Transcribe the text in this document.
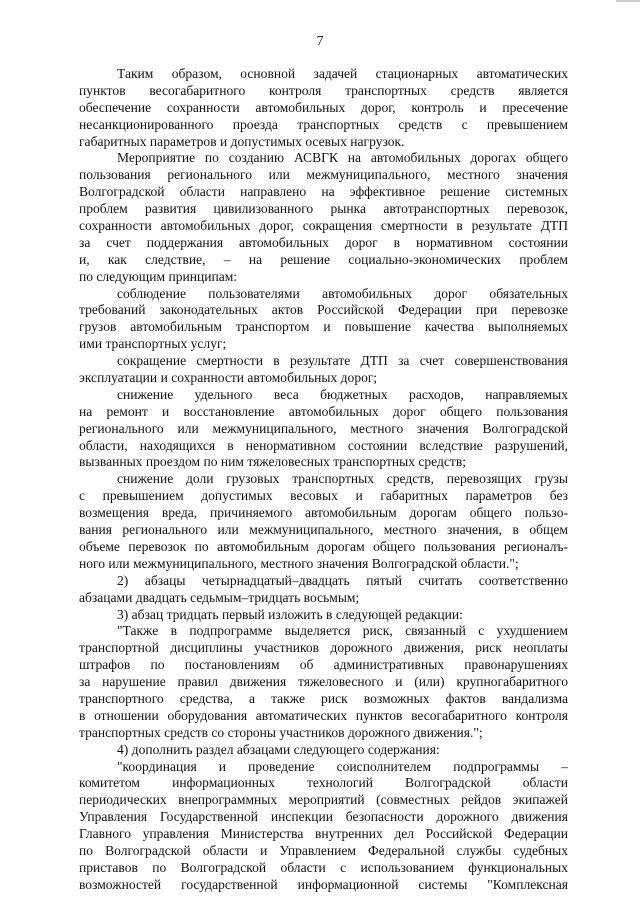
7
Таким образом, основной задачей стационарных автоматических
пунктов весогабаритного контроля транспортных средств является
обеспечение сохранности автомобильных дорог, контроль и пресечение
несанкционированного проезда транспортных средств с превышением
габаритных параметров и допустимых осевых нагрузок.
Мероприятие по созданию АСВГК на автомобильных дорогах общего
пользования регионального или межмуниципального, местного значения
Волгоградской области направлено на эффективное решение системных
проблем развития цивилизованного рынка автотранспортных перевозок,
сохранности автомобильных дорог, сокращения смертности в результате ДТП
за счет поддержания автомобильных дорог в нормативном состоянии
и, как следствие, – на решение социально-экономических проблем
по следующим принципам:
соблюдение пользователями автомобильных дорог обязательных
требований законодательных актов Российской Федерации при перевозке
грузов автомобильным транспортом и повышение качества выполняемых
ими транспортных услуг;
сокращение смертности в результате ДТП за счет совершенствования
эксплуатации и сохранности автомобильных дорог;
снижение удельного веса бюджетных расходов, направляемых
на ремонт и восстановление автомобильных дорог общего пользования
регионального или межмуниципального, местного значения Волгоградской
области, находящихся в ненормативном состоянии вследствие разрушений,
вызванных проездом по ним тяжеловесных транспортных средств;
снижение доли грузовых транспортных средств, перевозящих грузы
с превышением допустимых весовых и габаритных параметров без
возмещения вреда, причиняемого автомобильным дорогам общего пользо-
вания регионального или межмуниципального, местного значения, в общем
объеме перевозок по автомобильным дорогам общего пользования регионалъ-
ного или межмуниципального, местного значения Волгоградской области.";
2) абзацы четырнадцатый–двадцать пятый считать соответственно
абзацами двадцать седьмым–тридцать восьмым;
3) абзац тридцать первый изложить в следующей редакции:
"Также в подпрограмме выделяется риск, связанный с ухудшением
транспортной дисциплины участников дорожного движения, риск неоплаты
штрафов по постановлениям об административных правонарушениях
за нарушение правил движения тяжеловесного и (или) крупногабаритного
транспортного средства, а также риск возможных фактов вандализма
в отношении оборудования автоматических пунктов весогабаритного контроля
транспортных средств со стороны участников дорожного движения.";
4) дополнить раздел абзацами следующего содержания:
"координация и проведение соисполнителем подпрограммы –
комитетом информационных технологий Волгоградской области
периодических внепрограммных мероприятий (совместных рейдов экипажей
Управления Государственной инспекции безопасности дорожного движения
Главного управления Министерства внутренних дел Российской Федерации
по Волгоградской области и Управлением Федеральной службы судебных
приставов по Волгоградской области с использованием функциональных
возможностей государственной информационной системы "Комплексная
